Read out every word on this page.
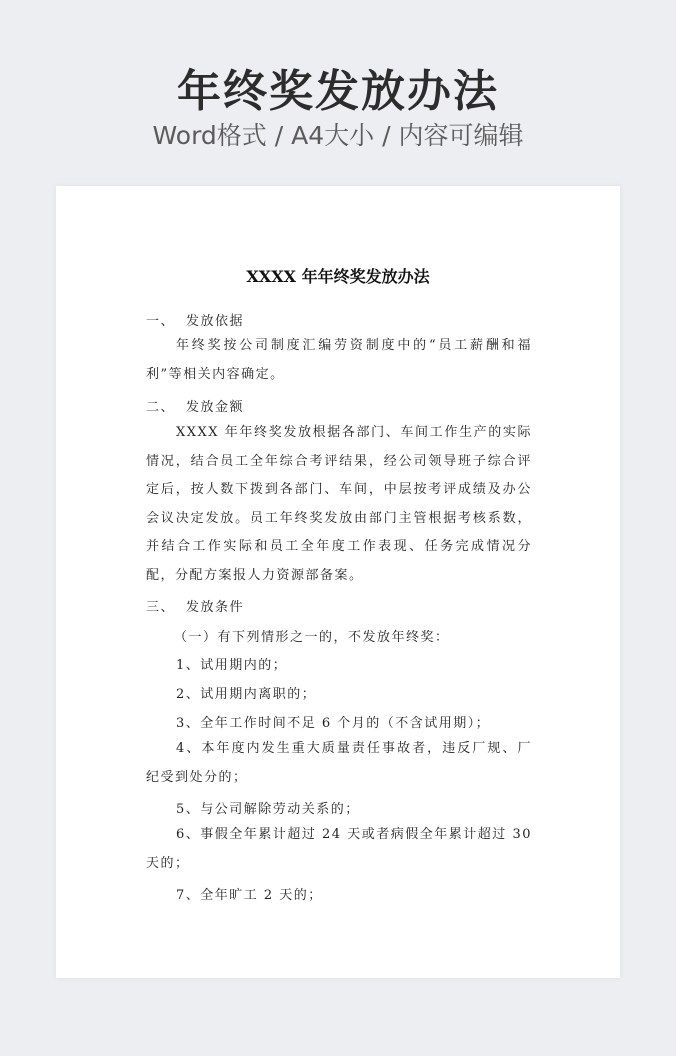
年终奖发放办法
Word格式 / A4大小 / 内容可编辑
XXXX 年年终奖发放办法
一、 发放依据
年终奖按公司制度汇编劳资制度中的“员工薪酬和福利”等相关内容确定。
二、 发放金额
XXXX 年年终奖发放根据各部门、车间工作生产的实际情况，结合员工全年综合考评结果，经公司领导班子综合评定后，按人数下拨到各部门、车间，中层按考评成绩及办公会议决定发放。员工年终奖发放由部门主管根据考核系数，并结合工作实际和员工全年度工作表现、任务完成情况分配，分配方案报人力资源部备案。
三、 发放条件
（一）有下列情形之一的，不发放年终奖：
1、试用期内的；
2、试用期内离职的；
3、全年工作时间不足 6 个月的（不含试用期）；
4、本年度内发生重大质量责任事故者，违反厂规、厂纪受到处分的；
5、与公司解除劳动关系的；
6、事假全年累计超过 24 天或者病假全年累计超过 30 天的；
7、全年旷工 2 天的；
